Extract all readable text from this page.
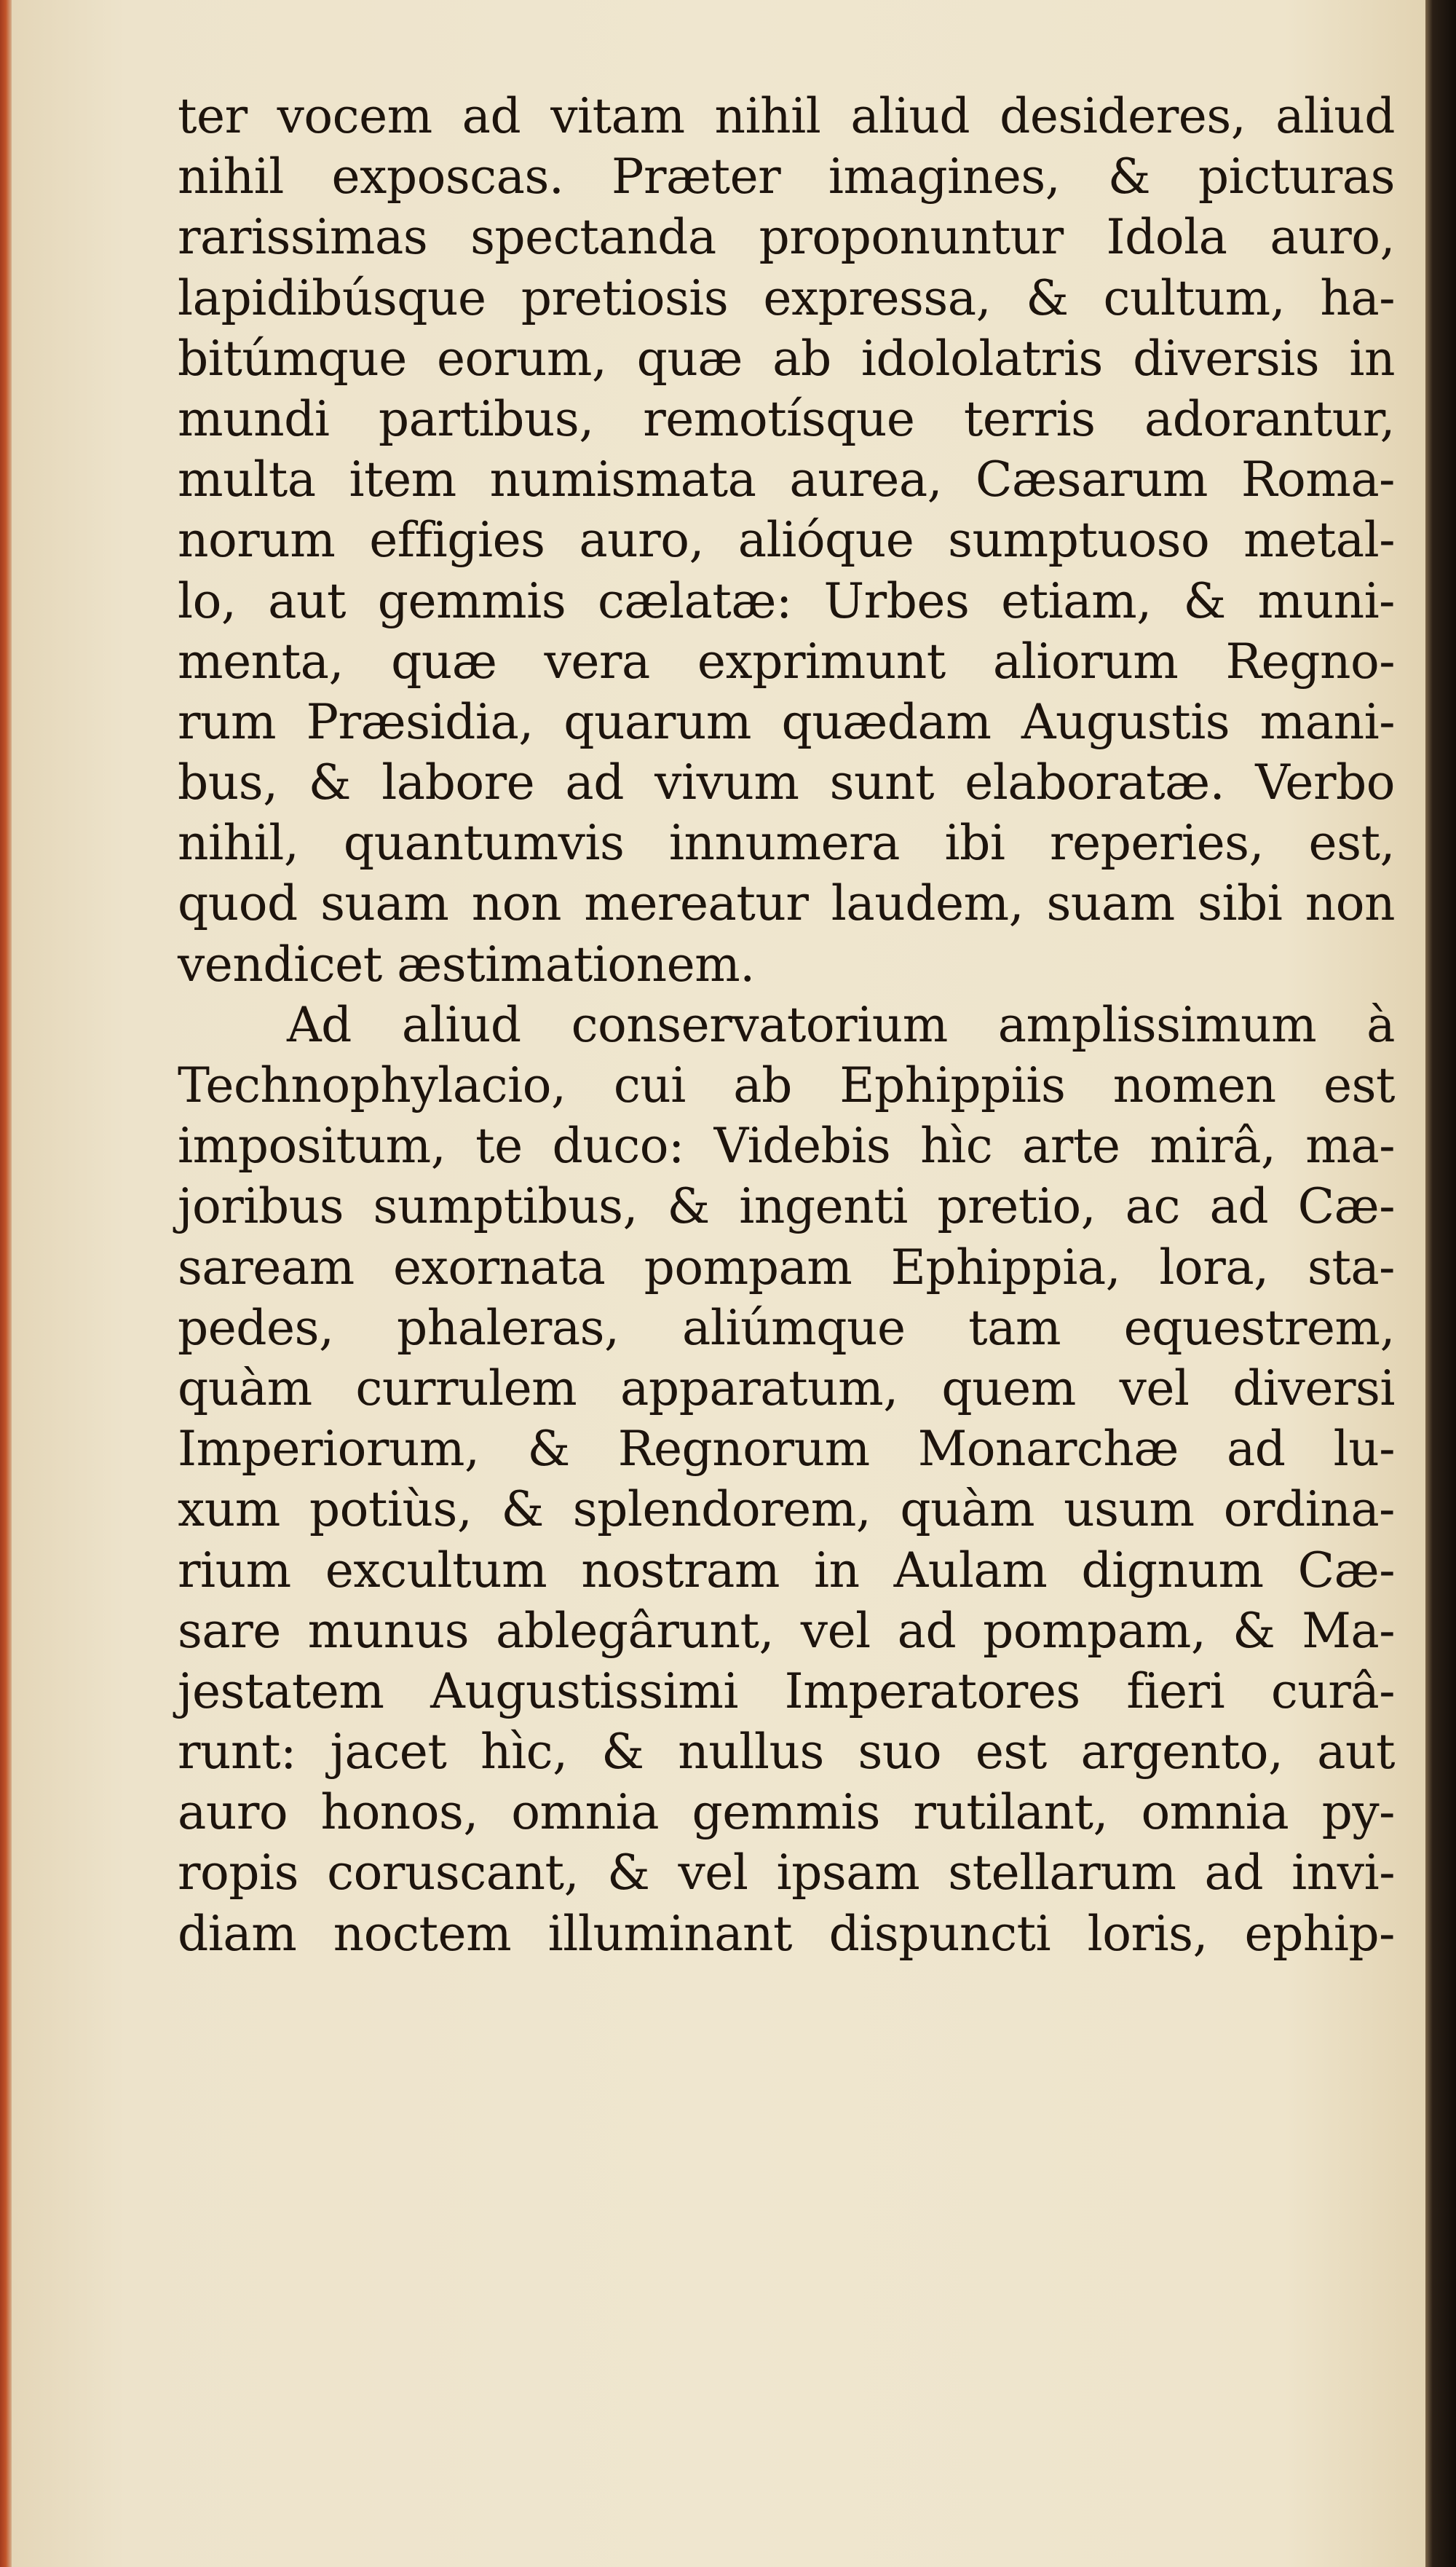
ter vocem ad vitam nihil aliud desideres, aliud
nihil exposcas. Præter imagines, & picturas
rarissimas spectanda proponuntur Idola auro,
lapidibúsque pretiosis expressa, & cultum, ha-
bitúmque eorum, quæ ab idololatris diversis in
mundi partibus, remotísque terris adorantur,
multa item numismata aurea, Cæsarum Roma-
norum effigies auro, alióque sumptuoso metal-
lo, aut gemmis cælatæ: Urbes etiam, & muni-
menta, quæ vera exprimunt aliorum Regno-
rum Præsidia, quarum quædam Augustis mani-
bus, & labore ad vivum sunt elaboratæ. Verbo
nihil, quantumvis innumera ibi reperies, est,
quod suam non mereatur laudem, suam sibi non
vendicet æstimationem.
Ad aliud conservatorium amplissimum à
Technophylacio, cui ab Ephippiis nomen est
impositum, te duco: Videbis hìc arte mirâ, ma-
joribus sumptibus, & ingenti pretio, ac ad Cæ-
saream exornata pompam Ephippia, lora, sta-
pedes, phaleras, aliúmque tam equestrem,
quàm currulem apparatum, quem vel diversi
Imperiorum, & Regnorum Monarchæ ad lu-
xum potiùs, & splendorem, quàm usum ordina-
rium excultum nostram in Aulam dignum Cæ-
sare munus ablegârunt, vel ad pompam, & Ma-
jestatem Augustissimi Imperatores fieri curâ-
runt: jacet hìc, & nullus suo est argento, aut
auro honos, omnia gemmis rutilant, omnia py-
ropis coruscant, & vel ipsam stellarum ad invi-
diam noctem illuminant dispuncti loris, ephip-
